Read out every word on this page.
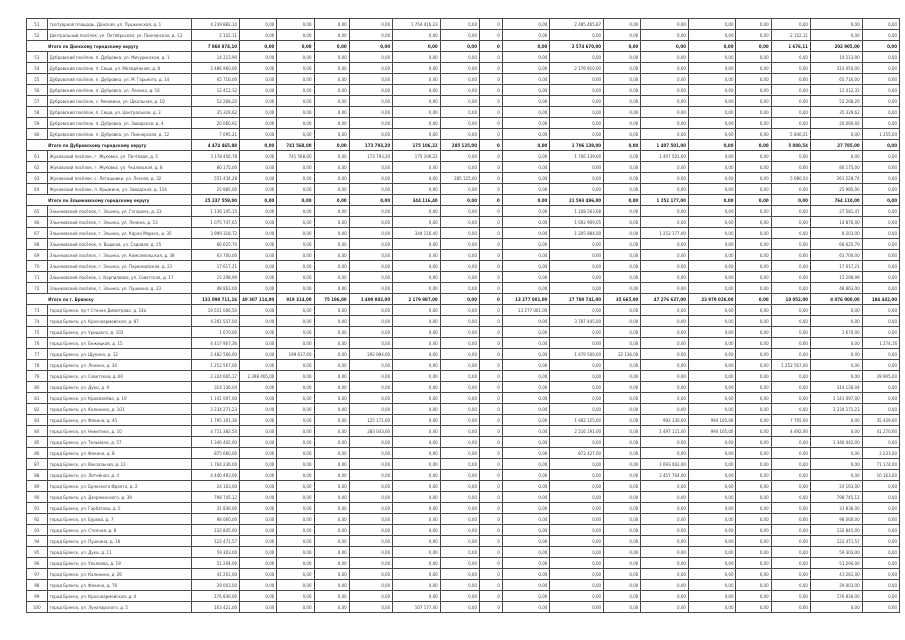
51	тротуарная площадь, Донская, ул. Пушкинская, д. 1	4 239 882,10	0,00	0,00	0,00	0,00	1 754 416,23	0,00	0	0,00	2 485 465,87	0,00	0,00	0,00	0,00	0,00	0,00	0,00
52	Центральный посёлок, ул. Октябрьская, ул. Пионерская, д. 13	2 152,11	0,00	0,00	0,00	0,00	0,00	0,00	0	0,00	0,00	0,00	0,00	0,00	0,00	2 152,11	0,00	0,00
	Итого по Донскому городскому округу	7 868 874,10	0,00	0,00	0,00	0,00	0,00	0,00	0	0,00	2 574 670,00	0,00	0,00	0,00	0,00	1 676,11	202 905,00	0,00
53	Дубровский посёлок, п. Дубровка, ул. Мичуринская, д. 1	14 213,90	0,00	0,00	0,00	0,00	0,00	0,00	0	0,00	0,00	0,00	0,00	0,00	0,00	0,00	14 213,90	0,00
54	Дубровский посёлок, п. Сеща, ул. Молодёжная, д. 8	2 486 960,00	0,00	0,00	0,00	0,00	0,00	0,00	0	0,00	2 176 910,00	0,00	0,00	0,00	0,00	0,00	310 050,00	0,00
55	Дубровский посёлок, п. Дубровка, ул. М. Горького, д. 14	65 716,00	0,00	0,00	0,00	0,00	0,00	0,00	0	0,00	0,00	0,00	0,00	0,00	0,00	0,00	65 716,00	0,00
56	Дубровский посёлок, п. Дубровка, ул. Ленина, д. 16	12 412,32	0,00	0,00	0,00	0,00	0,00	0,00	0	0,00	0,00	0,00	0,00	0,00	0,00	0,00	12 412,32	0,00
57	Дубровский посёлок, с. Рековичи, ул. Школьная, д. 10	52 268,20	0,00	0,00	0,00	0,00	0,00	0,00	0	0,00	0,00	0,00	0,00	0,00	0,00	0,00	52 268,20	0,00
58	Дубровский посёлок, п. Сеща, ул. Центральная, д. 3	35 329,62	0,00	0,00	0,00	0,00	0,00	0,00	0	0,00	0,00	0,00	0,00	0,00	0,00	0,00	35 329,62	0,00
59	Дубровский посёлок, п. Дубровка, ул. Заводская, д. 4	20 060,92	0,00	0,00	0,00	0,00	0,00	0,00	0	0,00	0,00	0,00	0,00	0,00	0,00	0,00	20 060,92	0,00
60	Дубровский посёлок, п. Дубровка, ул. Пионерская, д. 12	7 095,21	0,00	0,00	0,00	0,00	0,00	0,00	0	0,00	0,00	0,00	0,00	0,00	0,00	5 840,21	0,00	1 255,00
	Итого по Дубровскому городскому округу	4 474 465,88	0,00	741 568,00	0,00	173 793,20	175 106,22	285 125,00	0	0,00	1 706 139,00	0,00	1 407 501,00	0,00	0,00	5 080,54	27 785,00	0,00
61	Жуковский посёлок, г. Жуковка, ул. Почтовая, д. 5	3 178 456,78	0,00	741 568,00	0,00	173 793,20	175 106,22	0,00	0	0,00	1 706 139,00	0,00	1 407 501,00	0,00	0,00	0,00	0,00	0,00
62	Жуковский посёлок, г. Жуковка, ул. Чкаловская, д. 8	80 175,00	0,00	0,00	0,00	0,00	0,00	0,00	0	0,00	0,00	0,00	0,00	0,00	0,00	0,00	80 175,00	0,00
63	Жуковский посёлок, с. Летошники, ул. Лесная, д. 32	551 434,28	0,00	0,00	0,00	0,00	0,00	285 125,00	0	0,00	0,00	0,00	0,00	0,00	0,00	5 080,54	261 228,74	0,00
64	Жуковский посёлок, п. Крыжино, ул. Заводская, д. 114	25 985,00	0,00	0,00	0,00	0,00	0,00	0,00	0	0,00	0,00	0,00	0,00	0,00	0,00	0,00	25 985,00	0,00
	Итого по Злынковскому городскому округу	25 237 559,00	0,00	0,00	0,00	0,00	344 116,40	0,00	0	0,00	21 593 496,00	0,00	1 252 177,00	0,00	0,00	0,00	764 110,00	0,00
65	Злынковский посёлок, г. Злынка, ул. Гагарина, д. 23	1 136 145,15	0,00	0,00	0,00	0,00	0,00	0,00	0	0,00	1 108 563,68	0,00	0,00	0,00	0,00	0,00	27 581,47	0,00
66	Злынковский посёлок, г. Злынка, ул. Ленина, д. 13	1 075 747,65	0,00	0,00	0,00	0,00	0,00	0,00	0	0,00	1 602 909,05	0,00	0,00	0,00	0,00	0,00	14 876,00	0,00
67	Злынковский посёлок, г. Злынка, ул. Карла Маркса, д. 35	3 999 318,72	0,00	0,00	0,00	0,00	344 116,40	0,00	0	0,00	1 205 884,00	0,00	1 252 177,00	0,00	0,00	0,00	8 203,00	0,00
68	Злынковский посёлок, п. Вышков, ул. Садовая, д. 15	66 625,70	0,00	0,00	0,00	0,00	0,00	0,00	0	0,00	0,00	0,00	0,00	0,00	0,00	0,00	66 625,70	0,00
69	Злынковский посёлок, г. Злынка, ул. Комсомольская, д. 38	63 700,00	0,00	0,00	0,00	0,00	0,00	0,00	0	0,00	0,00	0,00	0,00	0,00	0,00	0,00	63 700,00	0,00
70	Злынковский посёлок, г. Злынка, ул. Первомайская, д. 21	17 617,21	0,00	0,00	0,00	0,00	0,00	0,00	0	0,00	0,00	0,00	0,00	0,00	0,00	0,00	17 617,21	0,00
71	Злынковский посёлок, с. Карпиловка, ул. Советская, д. 17	15 298,99	0,00	0,00	0,00	0,00	0,00	0,00	0	0,00	0,00	0,00	0,00	0,00	0,00	0,00	15 298,99	0,00
72	Злынковский посёлок, г. Злынка, ул. Пушкина, д. 23	48 863,00	0,00	0,00	0,00	0,00	0,00	0,00	0	0,00	0,00	0,00	0,00	0,00	0,00	0,00	48 863,00	0,00
	Итого по г. Брянску	131 098 711,16	40 307 114,00	919 314,00	75 196,00	1 409 802,00	2 179 987,00	0,00	0	13 277 001,00	27 780 741,00	35 665,00	47 276 637,00	23 979 026,00	0,00	10 052,00	8 076 000,00	184 442,00
73	город Брянск, пр-т Станке Димитрова, д. 14а	10 551 006,50	0,00	0,00	0,00	0,00	0,00	0,00	0	13 277 001,00	0,00	0,00	0,00	0,00	0,00	0,00	0,00	0,00
74	город Брянск, ул. Красноармейская, д. 87	4 261 557,00	0,00	0,00	0,00	0,00	0,00	0,00	0	0,00	3 787 445,00	0,00	0,00	0,00	0,00	0,00	0,00	0,00
75	город Брянск, ул. Урицкого, д. 102	1 670,00	0,00	0,00	0,00	0,00	0,00	0,00	0	0,00	0,00	0,00	0,00	0,00	0,00	0,00	1 670,00	0,00
76	город Брянск, ул. Бежицкая, д. 15	4 417 967,36	0,00	0,00	0,00	0,00	0,00	0,00	0	0,00	0,00	0,00	0,00	0,00	0,00	0,00	0,00	1 274,16
77	город Брянск, ул. Щукина, д. 12	2 482 566,00	0,00	199 617,00	0,00	292 094,00	0,00	0,00	0	0,00	1 479 500,00	22 136,00	0,00	0,00	0,00	0,00	0,00	0,00
78	город Брянск, ул. Ленина, д. 34	1 252 567,00	0,00	0,00	0,00	0,00	0,00	0,00	0	0,00	0,00	0,00	0,00	0,00	0,00	1 252 567,00	0,00	0,00
79	город Брянск, ул. Советская, д. 60	2 224 665,17	2 398 465,00	0,00	0,00	0,00	0,00	0,00	0	0,00	0,00	0,00	0,00	0,00	0,00	0,00	0,00	29 905,00
80	город Брянск, ул. Дуки, д. 9	314 136,04	0,00	0,00	0,00	0,00	0,00	0,00	0	0,00	0,00	0,00	0,00	0,00	0,00	0,00	314 136,04	0,00
81	город Брянск, ул. Крахмалёва, д. 19	1 141 097,00	0,00	0,00	0,00	0,00	0,00	0,00	0	0,00	0,00	0,00	0,00	0,00	0,00	0,00	1 141 097,00	0,00
82	город Брянск, ул. Калинина, д. 103	3 234 271,23	0,00	0,00	0,00	0,00	0,00	0,00	0	0,00	0,00	0,00	0,00	0,00	0,00	0,00	3 234 271,23	0,00
83	город Брянск, ул. Фокина, д. 45	1 795 301,36	0,00	0,00	0,00	125 171,00	0,00	0,00	0	0,00	1 662 125,00	0,00	992 130,00	994 105,00	0,00	7 705,00	0,00	35 439,00
84	город Брянск, ул. Никитина, д. 10	4 711 382,50	0,00	0,00	0,00	283 043,00	0,00	0,00	0	0,00	2 516 191,00	0,00	1 497 121,00	994 105,00	0,00	4 492,00	0,00	41 270,00
85	город Брянск, ул. Тельмана, д. 57	1 346 442,00	0,00	0,00	0,00	0,00	0,00	0,00	0	0,00	0,00	0,00	0,00	0,00	0,00	0,00	1 346 442,00	0,00
86	город Брянск, ул. Фокина, д. 8	875 660,00	0,00	0,00	0,00	0,00	0,00	0,00	0	0,00	873 427,00	0,00	0,00	0,00	0,00	0,00	0,00	2 233,00
87	город Брянск, ул. Вокзальная, д. 12	1 764 236,00	0,00	0,00	0,00	0,00	0,00	0,00	0	0,00	0,00	0,00	1 693 062,00	0,00	0,00	0,00	0,00	71 174,00
88	город Брянск, ул. Литейная, д. 4	4 440 493,00	0,00	0,00	0,00	0,00	0,00	0,00	0	0,00	0,00	0,00	2 457 764,00	0,00	0,00	0,00	0,00	10 163,00
89	город Брянск, ул. Брянского Фронта, д. 2	24 163,00	0,00	0,00	0,00	0,00	0,00	0,00	0	0,00	0,00	0,00	0,00	0,00	0,00	0,00	24 163,00	0,00
90	город Брянск, ул. Дзержинского, д. 39	798 745,12	0,00	0,00	0,00	0,00	0,00	0,00	0	0,00	0,00	0,00	0,00	0,00	0,00	0,00	798 745,12	0,00
91	город Брянск, ул. Горбатова, д. 5	31 836,00	0,00	0,00	0,00	0,00	0,00	0,00	0	0,00	0,00	0,00	0,00	0,00	0,00	0,00	31 836,00	0,00
92	город Брянск, ул. Бурова, д. 7	98 060,00	0,00	0,00	0,00	0,00	0,00	0,00	0	0,00	0,00	0,00	0,00	0,00	0,00	0,00	98 060,00	0,00
93	город Брянск, ул. Степная, д. 8	132 845,00	0,00	0,00	0,00	0,00	0,00	0,00	0	0,00	0,00	0,00	0,00	0,00	0,00	0,00	132 845,00	0,00
94	город Брянск, ул. Пушкина, д. 16	122 471,57	0,00	0,00	0,00	0,00	0,00	0,00	0	0,00	0,00	0,00	0,00	0,00	0,00	0,00	122 471,57	0,00
95	город Брянск, ул. Дуки, д. 11	59 303,00	0,00	0,00	0,00	0,00	0,00	0,00	0	0,00	0,00	0,00	0,00	0,00	0,00	0,00	59 303,00	0,00
96	город Брянск, ул. Ульянова, д. 19	51 294,00	0,00	0,00	0,00	0,00	0,00	0,00	0	0,00	0,00	0,00	0,00	0,00	0,00	0,00	51 294,00	0,00
97	город Брянск, ул. Калинина, д. 26	41 261,00	0,00	0,00	0,00	0,00	0,00	0,00	0	0,00	0,00	0,00	0,00	0,00	0,00	0,00	41 261,00	0,00
98	город Брянск, ул. Фокина, д. 76	29 003,00	0,00	0,00	0,00	0,00	0,00	0,00	0	0,00	0,00	0,00	0,00	0,00	0,00	0,00	29 003,00	0,00
99	город Брянск, ул. Красноармейская, д. 4	176 836,00	0,00	0,00	0,00	0,00	0,00	0,00	0	0,00	0,00	0,00	0,00	0,00	0,00	0,00	176 836,00	0,00
100	город Брянск, ул. Луначарского, д. 5	163 421,00	0,00	0,00	0,00	0,00	107 177,00	0,00	0	0,00	0,00	0,00	0,00	0,00	0,00	0,00	0,00	0,00
